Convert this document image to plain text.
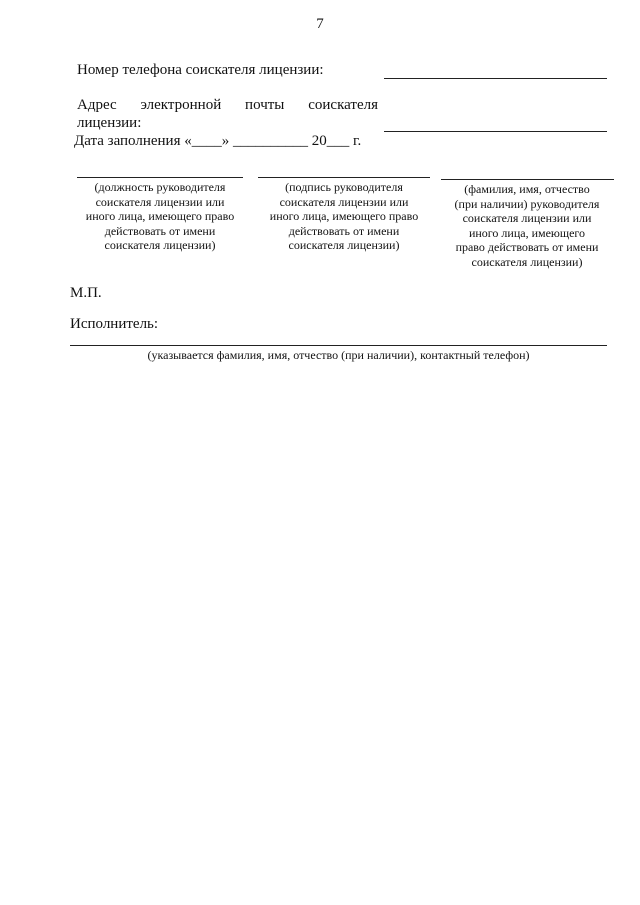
7
Номер телефона соискателя лицензии:
Адрес электронной почты соискателя
лицензии:
Дата заполнения «____» __________ 20___ г.
(должность руководителя
соискателя лицензии или
иного лица, имеющего право
действовать от имени
соискателя лицензии)
(подпись руководителя
соискателя лицензии или
иного лица, имеющего право
действовать от имени
соискателя лицензии)
(фамилия, имя, отчество
(при наличии) руководителя
соискателя лицензии или
иного лица, имеющего
право действовать от имени
соискателя лицензии)
М.П.
Исполнитель:
(указывается фамилия, имя, отчество (при наличии), контактный телефон)
